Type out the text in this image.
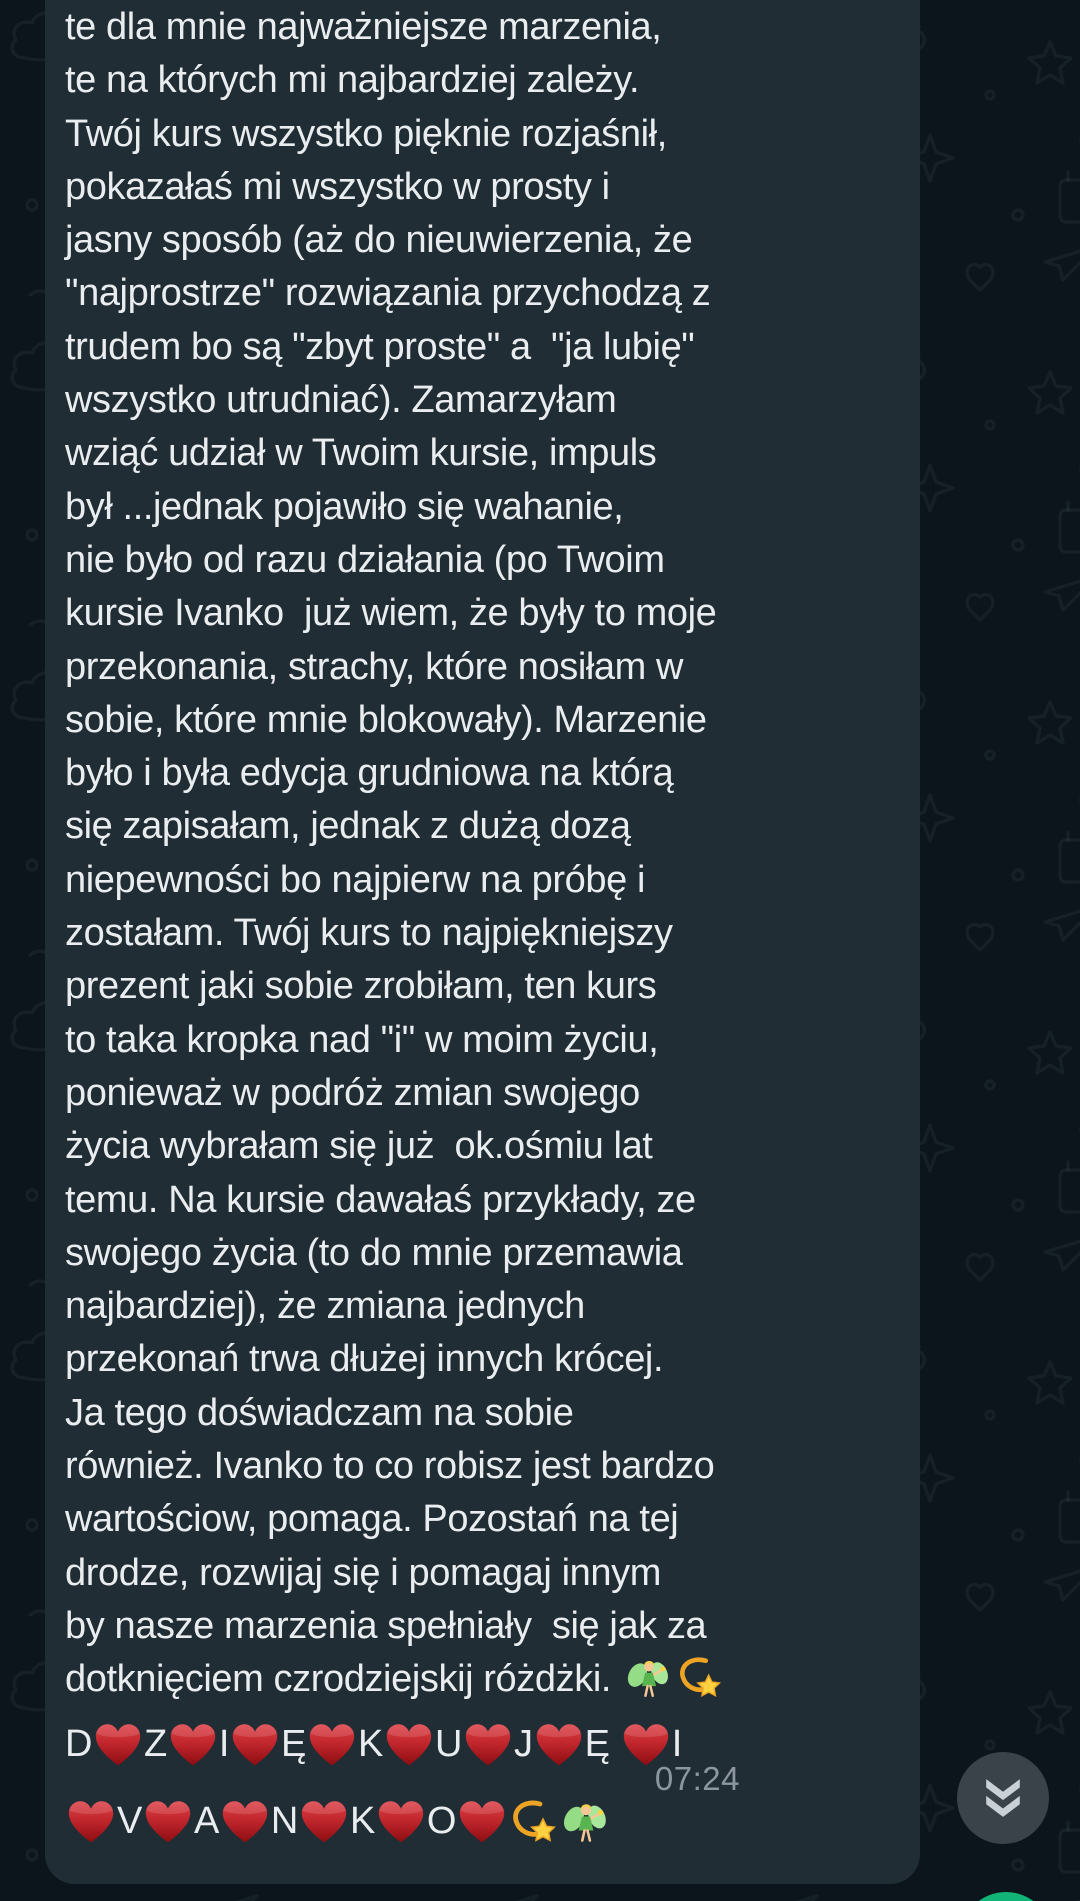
te dla mnie najważniejsze marzenia,
te na których mi najbardziej zależy.
Twój kurs wszystko pięknie rozjaśnił,
pokazałaś mi wszystko w prosty i
jasny sposób (aż do nieuwierzenia, że
"najprostrze" rozwiązania przychodzą z
trudem bo są "zbyt proste" a  "ja lubię"
wszystko utrudniać). Zamarzyłam
wziąć udział w Twoim kursie, impuls
był ...jednak pojawiło się wahanie,
nie było od razu działania (po Twoim
kursie Ivanko  już wiem, że były to moje
przekonania, strachy, które nosiłam w
sobie, które mnie blokowały). Marzenie
było i była edycja grudniowa na którą
się zapisałam, jednak z dużą dozą
niepewności bo najpierw na próbę i
zostałam. Twój kurs to najpiękniejszy
prezent jaki sobie zrobiłam, ten kurs
to taka kropka nad "i" w moim życiu,
ponieważ w podróż zmian swojego
życia wybrałam się już  ok.ośmiu lat
temu. Na kursie dawałaś przykłady, ze
swojego życia (to do mnie przemawia
najbardziej), że zmiana jednych
przekonań trwa dłużej innych krócej.
Ja tego doświadczam na sobie
również. Ivanko to co robisz jest bardzo
wartościow, pomaga. Pozostań na tej
drodze, rozwijaj się i pomagaj innym
by nasze marzenia spełniały  się jak za
dotknięciem czrodziejskij różdżki.
D Z I Ę K U J Ę I
V A N K O
07:24
